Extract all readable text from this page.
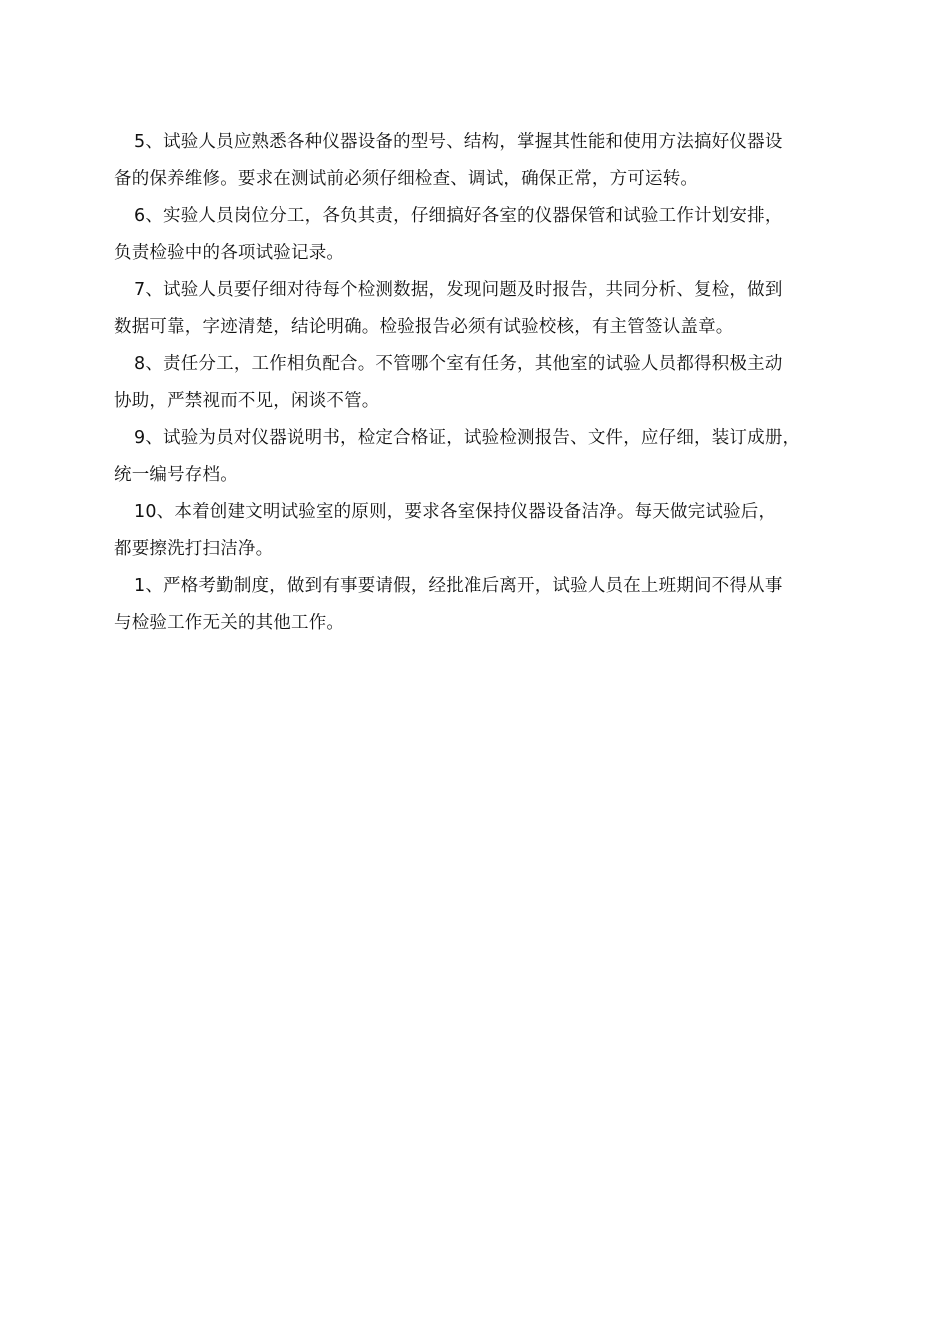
5、试验人员应熟悉各种仪器设备的型号、结构，掌握其性能和使用方法搞好仪器设
备的保养维修。要求在测试前必须仔细检查、调试，确保正常，方可运转。

6、实验人员岗位分工，各负其责，仔细搞好各室的仪器保管和试验工作计划安排，
负责检验中的各项试验记录。

7、试验人员要仔细对待每个检测数据，发现问题及时报告，共同分析、复检，做到
数据可靠，字迹清楚，结论明确。检验报告必须有试验校核，有主管签认盖章。

8、责任分工，工作相负配合。不管哪个室有任务，其他室的试验人员都得积极主动
协助，严禁视而不见，闲谈不管。

9、试验为员对仪器说明书，检定合格证，试验检测报告、文件，应仔细，装订成册，
统一编号存档。

10、本着创建文明试验室的原则，要求各室保持仪器设备洁净。每天做完试验后，
都要擦洗打扫洁净。

1、严格考勤制度，做到有事要请假，经批准后离开，试验人员在上班期间不得从事
与检验工作无关的其他工作。
